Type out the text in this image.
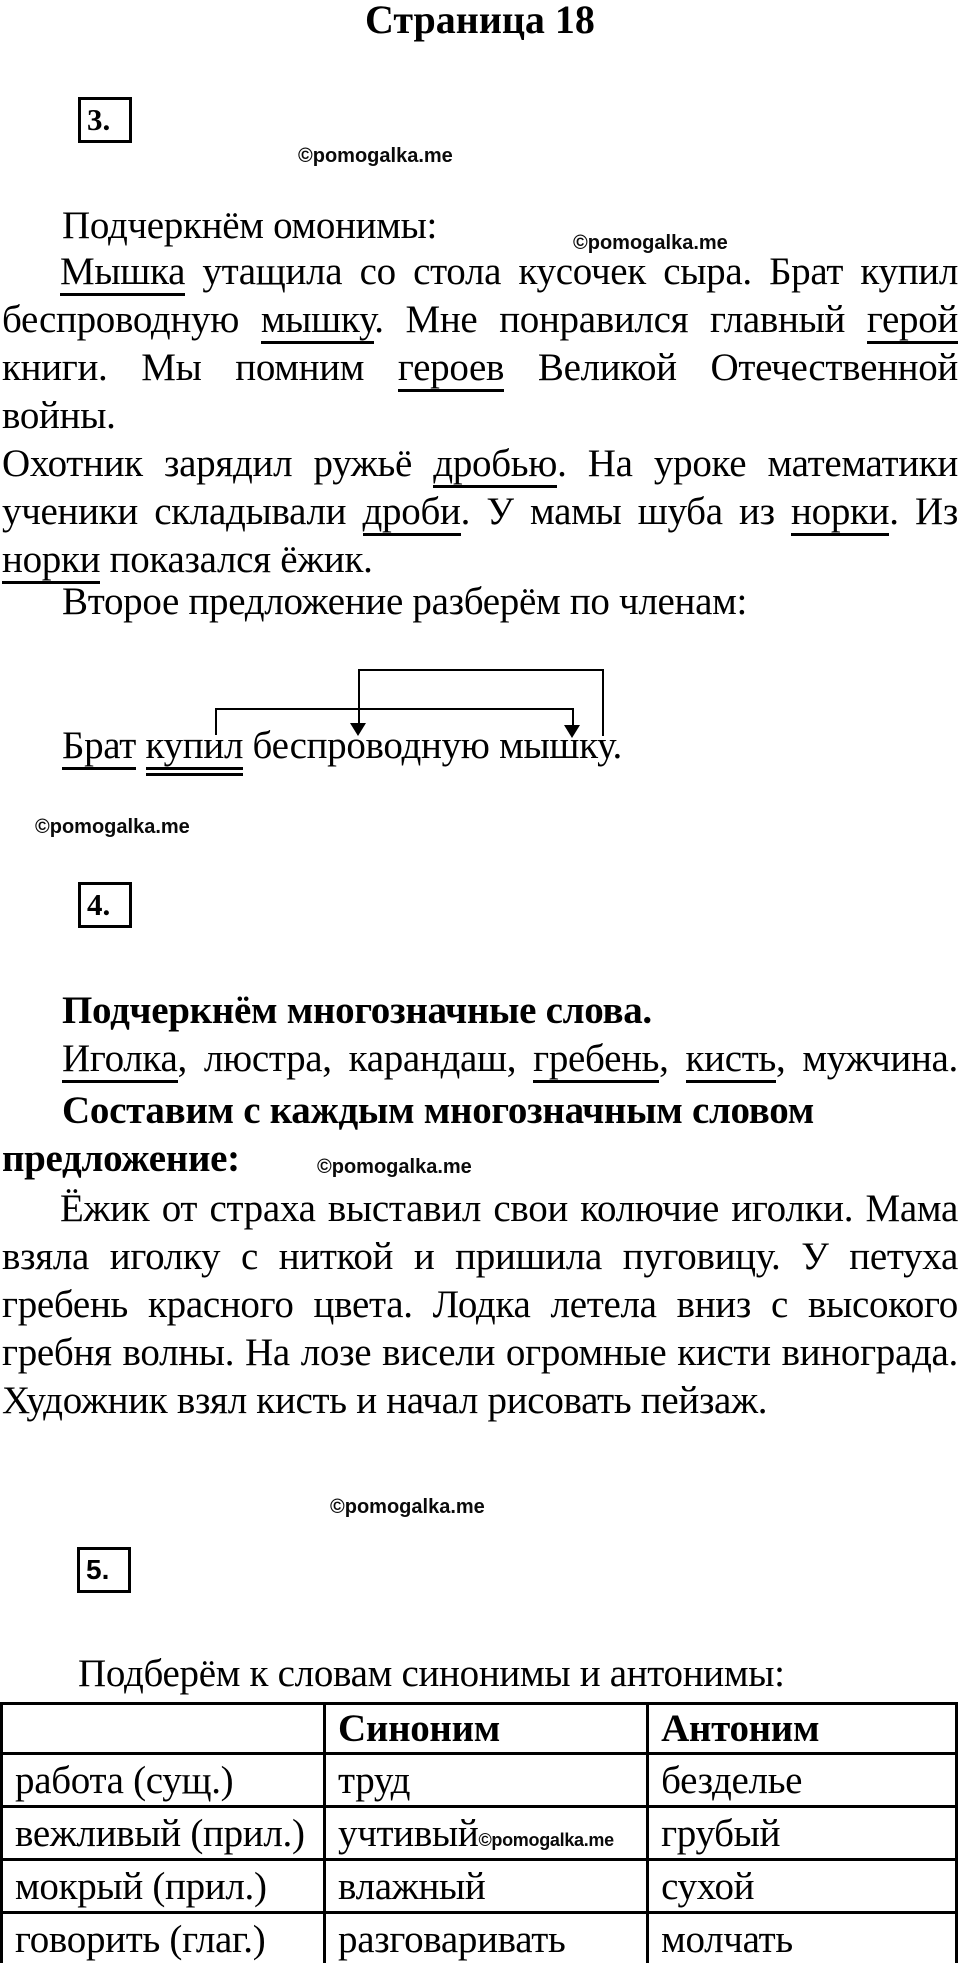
Страница 18
3.
©pomogalka.me
Подчеркнём омонимы:	©pomogalka.me
Мышка утащила со стола кусочек сыра. Брат купил
беспроводную мышку. Мне понравился главный герой
книги. Мы помним героев Великой Отечественной войны.
Охотник зарядил ружьё дробью. На уроке математики
ученики складывали дроби. У мамы шуба из норки. Из
норки показался ёжик.
Второе предложение разберём по членам:
Брат купил беспроводную мышку.
©pomogalka.me
4.
Подчеркнём многозначные слова.
Иголка, люстра, карандаш, гребень, кисть, мужчина.
Составим с каждым многозначным словом
предложение:	©pomogalka.me
Ёжик от страха выставил свои колючие иголки. Мама
взяла иголку с ниткой и пришила пуговицу. У петуха
гребень красного цвета. Лодка летела вниз с высокого
гребня волны. На лозе висели огромные кисти винограда.
Художник взял кисть и начал рисовать пейзаж.
©pomogalka.me
5.
Подберём к словам синонимы и антонимы:
	Синоним	Антоним
работа (сущ.)	труд	безделье
вежливый (прил.)	учтивый©pomogalka.me	грубый
мокрый (прил.)	влажный	сухой
говорить (глаг.)	разговаривать	молчать
